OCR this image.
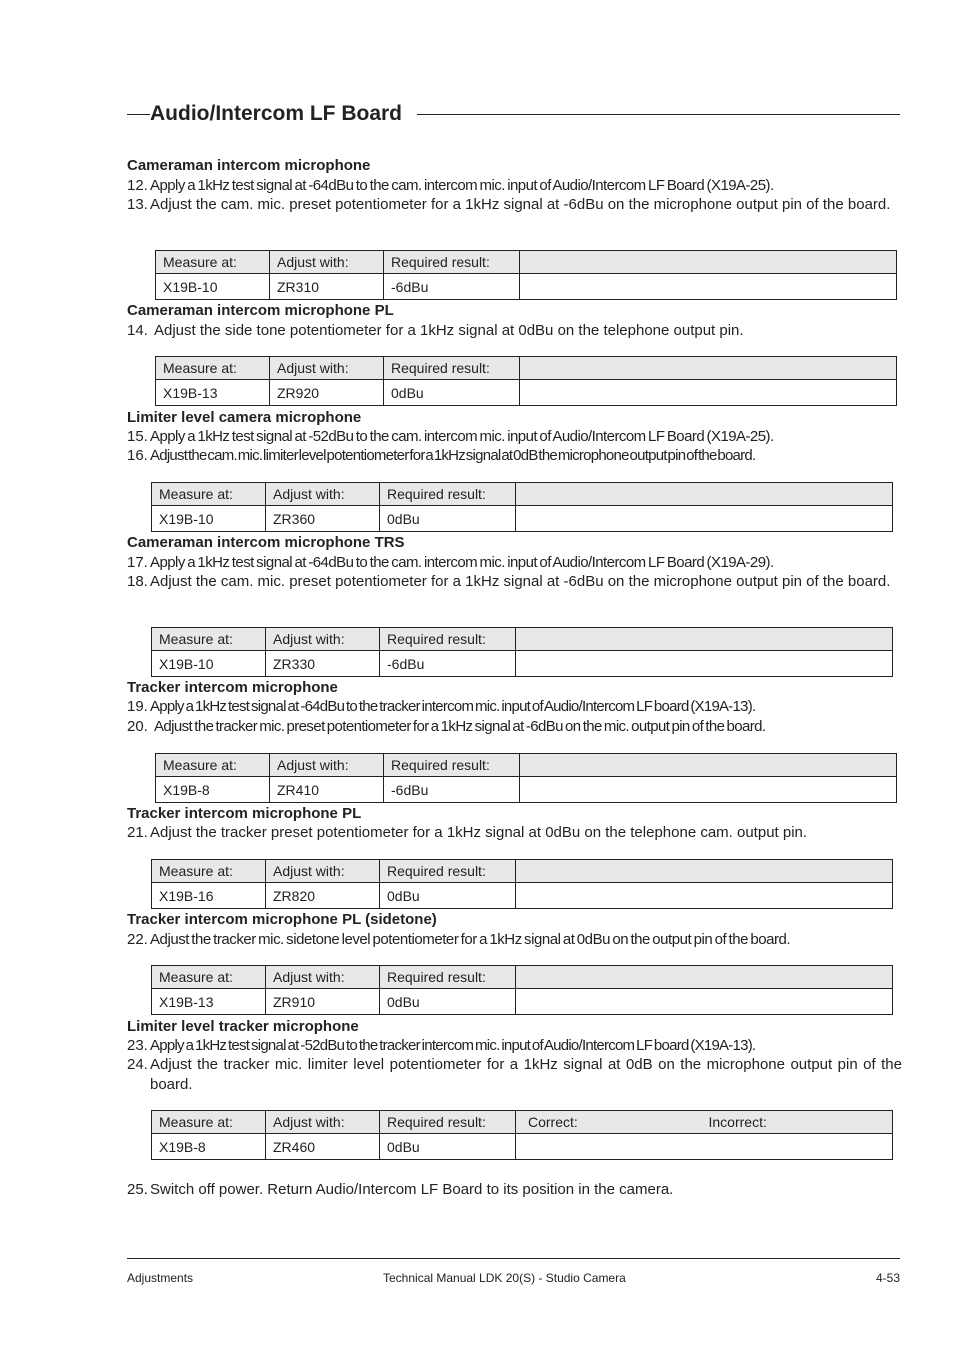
Audio/Intercom LF Board
Cameraman intercom microphone
12. Apply a 1kHz test signal at -64dBu to the cam. intercom mic. input of Audio/Intercom LF Board (X19A-25).
13. Adjust the cam. mic. preset potentiometer for a 1kHz signal at -6dBu on the microphone output pin of the board.
Measure at:	Adjust with:	Required result:	
X19B-10	ZR310	-6dBu	
Cameraman intercom microphone PL
14. Adjust the side tone potentiometer for a 1kHz signal at 0dBu on the telephone output pin.
Measure at:	Adjust with:	Required result:	
X19B-13	ZR920	0dBu	
Limiter level camera microphone
15. Apply a 1kHz test signal at -52dBu to the cam. intercom mic. input of Audio/Intercom LF Board (X19A-25).
16. Adjust the cam. mic. limiter level potentiometer for a 1kHz signal at 0dB the microphone output pin of the board.
Measure at:	Adjust with:	Required result:	
X19B-10	ZR360	0dBu	
Cameraman intercom microphone TRS
17. Apply a 1kHz test signal at -64dBu to the cam. intercom mic. input of Audio/Intercom LF Board (X19A-29).
18. Adjust the cam. mic. preset potentiometer for a 1kHz signal at -6dBu on the microphone output pin of the board.
Measure at:	Adjust with:	Required result:	
X19B-10	ZR330	-6dBu	
Tracker intercom microphone
19. Apply a 1kHz test signal at -64dBu to the tracker intercom mic. input of Audio/Intercom LF board (X19A-13).
20. Adjust the tracker mic. preset potentiometer for a 1kHz signal at -6dBu on the mic. output pin of the board.
Measure at:	Adjust with:	Required result:	
X19B-8	ZR410	-6dBu	
Tracker intercom microphone PL
21. Adjust the tracker preset potentiometer for a 1kHz signal at 0dBu on the telephone cam. output pin.
Measure at:	Adjust with:	Required result:	
X19B-16	ZR820	0dBu	
Tracker intercom microphone PL (sidetone)
22. Adjust the tracker mic. sidetone level potentiometer for a 1kHz signal at 0dBu on the output pin of the board.
Measure at:	Adjust with:	Required result:	
X19B-13	ZR910	0dBu	
Limiter level tracker microphone
23. Apply a 1kHz test signal at -52dBu to the tracker intercom mic. input of Audio/Intercom LF board (X19A-13).
24. Adjust the tracker mic. limiter level potentiometer for a 1kHz signal at 0dB on the microphone output pin of the board.
Measure at:	Adjust with:	Required result:	Correct:	Incorrect:
X19B-8	ZR460	0dBu		
25. Switch off power. Return Audio/Intercom LF Board to its position in the camera.
Adjustments	Technical Manual LDK 20(S) - Studio Camera	4-53
